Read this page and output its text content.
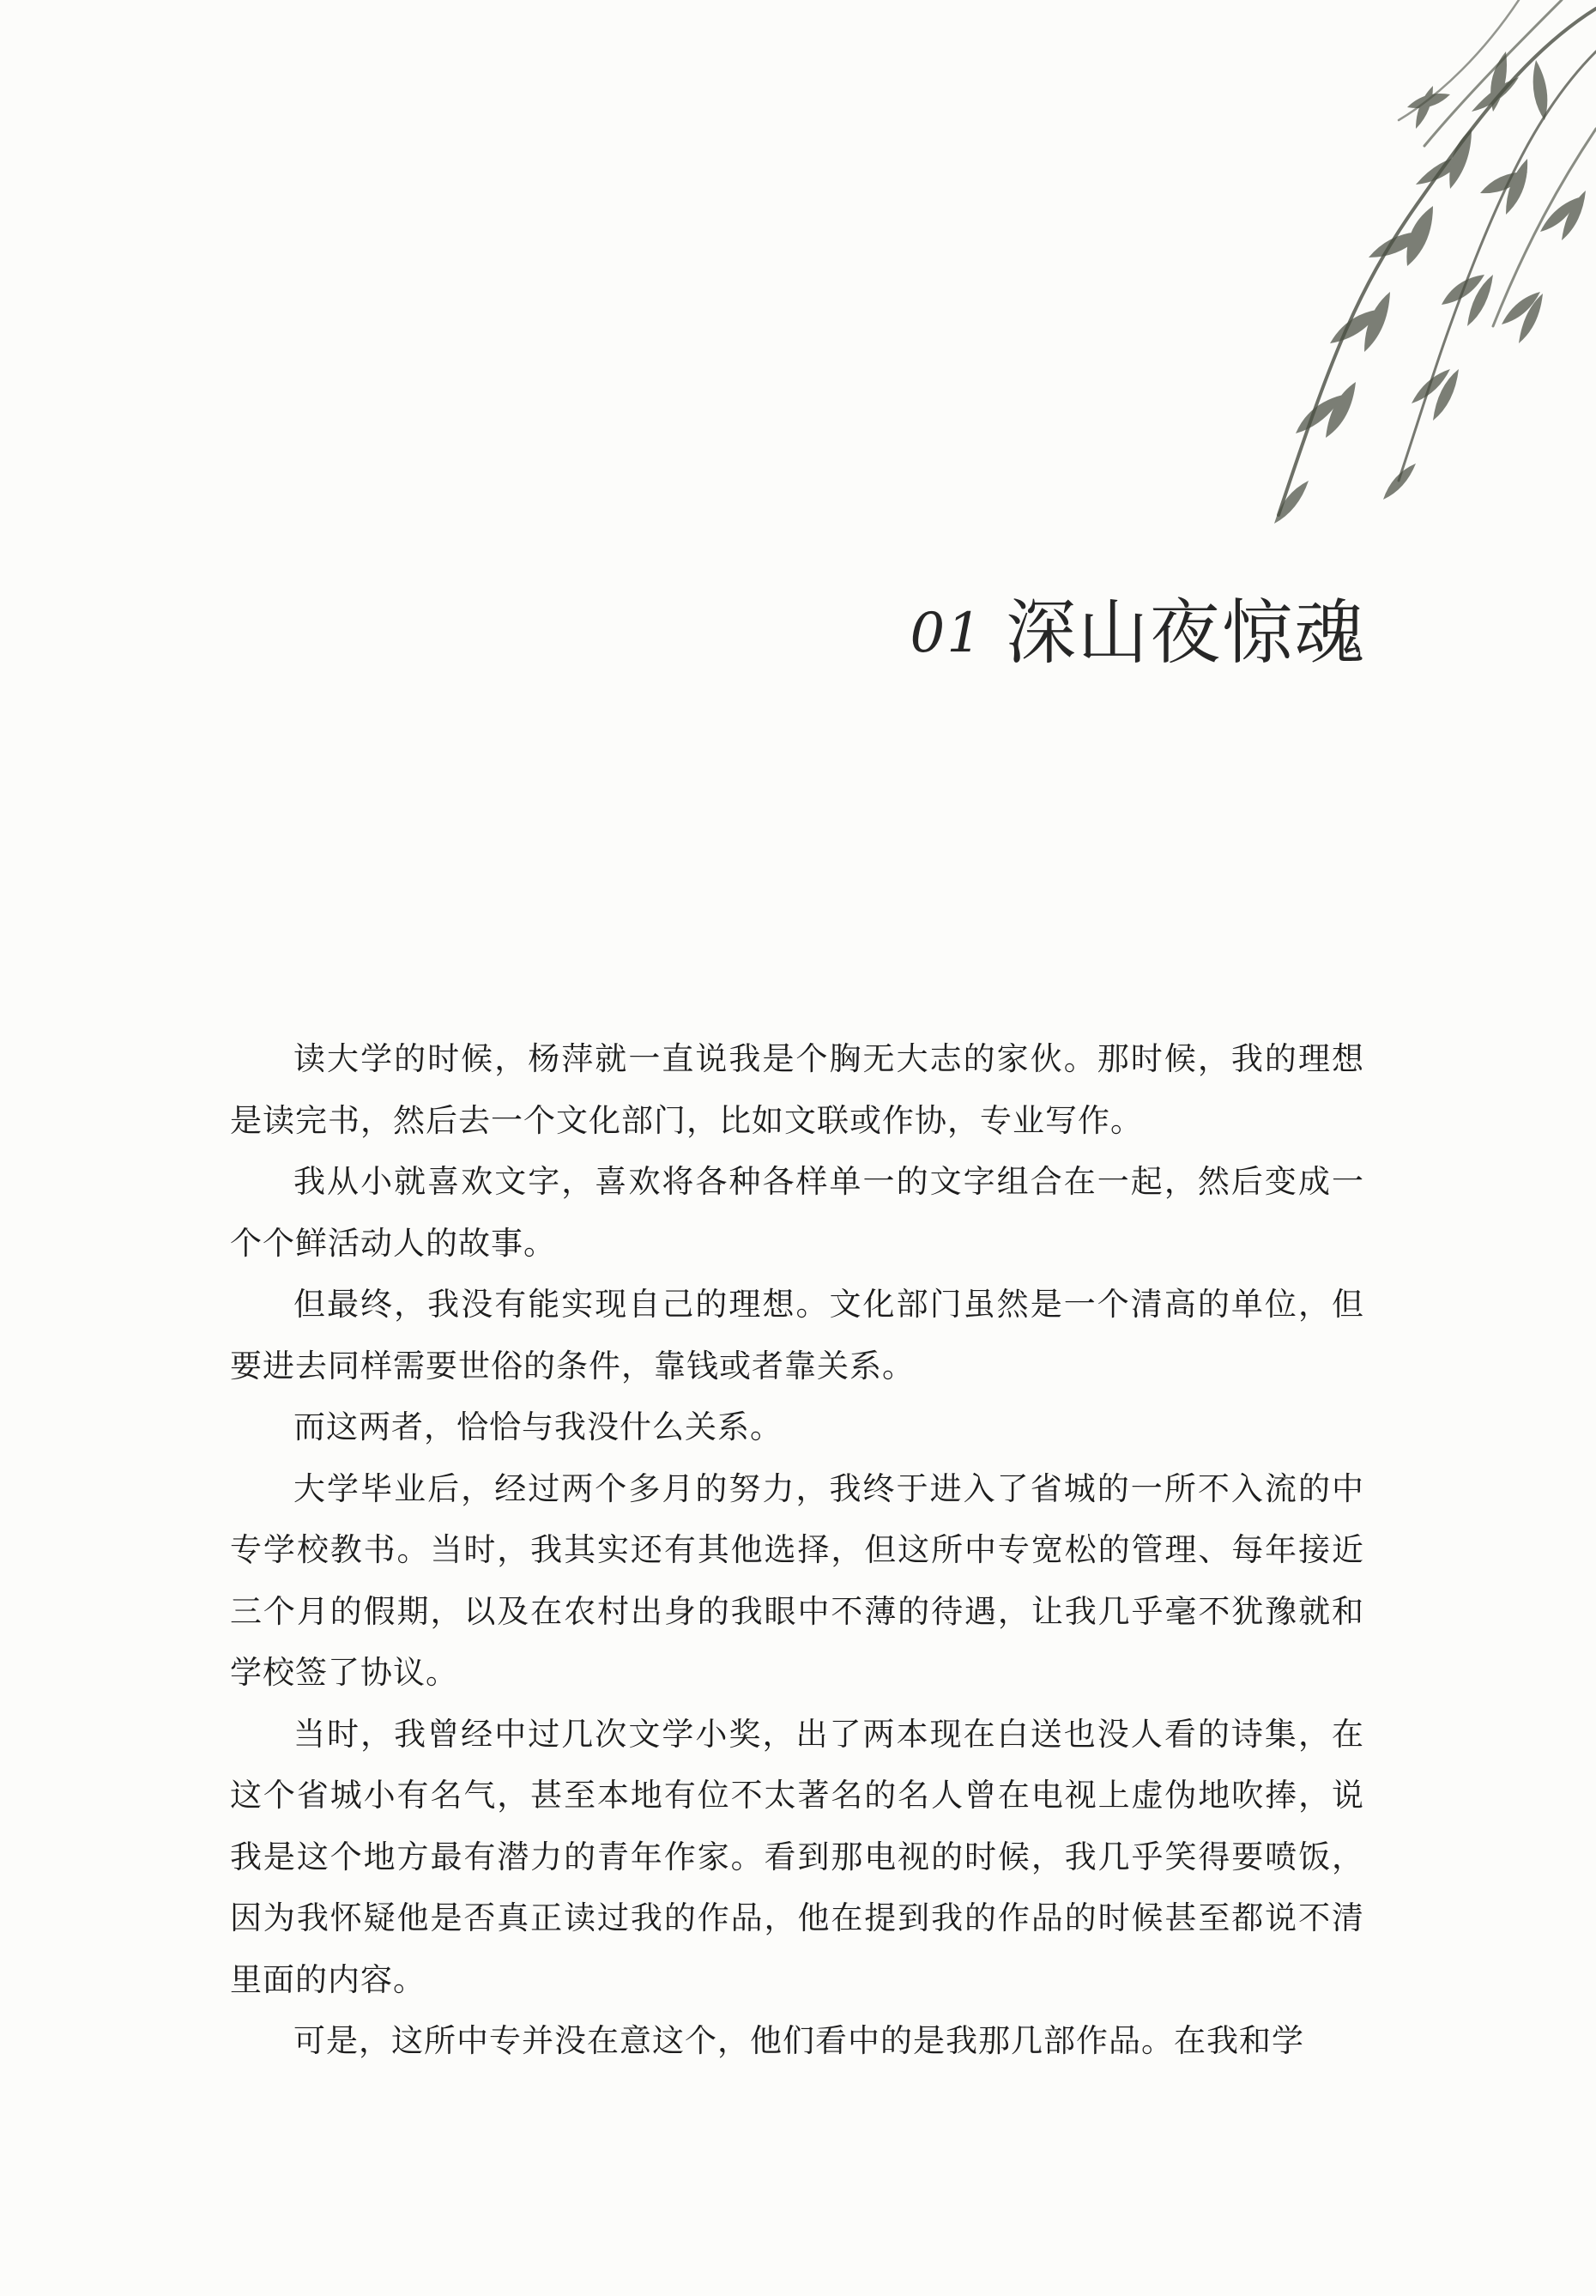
01 深山夜惊魂

读大学的时候，杨萍就一直说我是个胸无大志的家伙。那时候，我的理想是读完书，然后去一个文化部门，比如文联或作协，专业写作。

我从小就喜欢文字，喜欢将各种各样单一的文字组合在一起，然后变成一个个鲜活动人的故事。

但最终，我没有能实现自己的理想。文化部门虽然是一个清高的单位，但要进去同样需要世俗的条件，靠钱或者靠关系。

而这两者，恰恰与我没什么关系。

大学毕业后，经过两个多月的努力，我终于进入了省城的一所不入流的中专学校教书。当时，我其实还有其他选择，但这所中专宽松的管理、每年接近三个月的假期，以及在农村出身的我眼中不薄的待遇，让我几乎毫不犹豫就和学校签了协议。

当时，我曾经中过几次文学小奖，出了两本现在白送也没人看的诗集，在这个省城小有名气，甚至本地有位不太著名的名人曾在电视上虚伪地吹捧，说我是这个地方最有潜力的青年作家。看到那电视的时候，我几乎笑得要喷饭，因为我怀疑他是否真正读过我的作品，他在提到我的作品的时候甚至都说不清里面的内容。

可是，这所中专并没在意这个，他们看中的是我那几部作品。在我和学
